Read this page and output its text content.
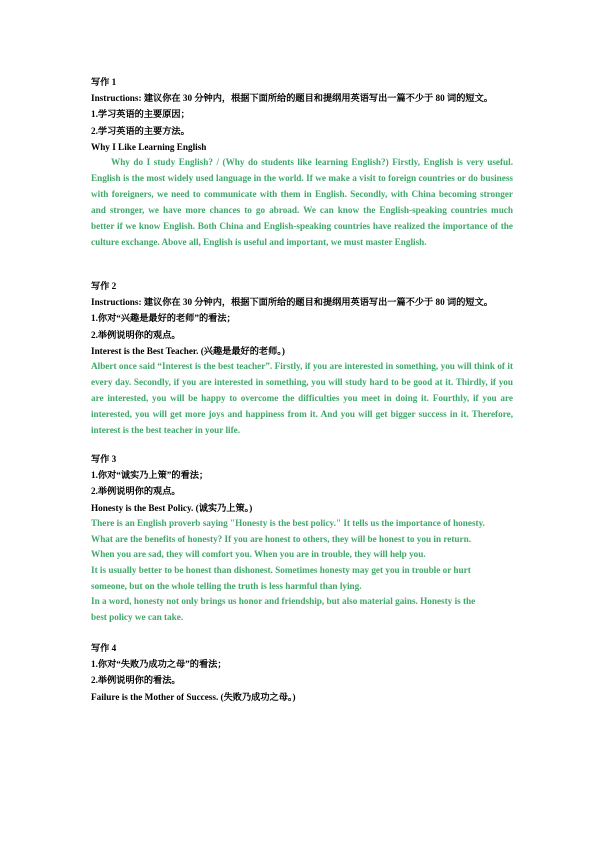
写作 1
Instructions: 建议你在 30 分钟内，根据下面所给的题目和提纲用英语写出一篇不少于 80 词的短文。
1.学习英语的主要原因；
2.学习英语的主要方法。
Why I Like Learning English
Why do I study English? / (Why do students like learning English?) Firstly, English is very useful. English is the most widely used language in the world. If we make a visit to foreign countries or do business with foreigners, we need to communicate with them in English. Secondly, with China becoming stronger and stronger, we have more chances to go abroad. We can know the English-speaking countries much better if we know English. Both China and English-speaking countries have realized the importance of the culture exchange. Above all, English is useful and important, we must master English.
写作 2
Instructions: 建议你在 30 分钟内，根据下面所给的题目和提纲用英语写出一篇不少于 80 词的短文。
1.你对“兴趣是最好的老师”的看法；
2.举例说明你的观点。
Interest is the Best Teacher. (兴趣是最好的老师。)
Albert once said “Interest is the best teacher”. Firstly, if you are interested in something, you will think of it every day. Secondly, if you are interested in something, you will study hard to be good at it. Thirdly, if you are interested, you will be happy to overcome the difficulties you meet in doing it. Fourthly, if you are interested, you will get more joys and happiness from it. And you will get bigger success in it. Therefore, interest is the best teacher in your life.
写作 3
1.你对“诚实乃上策”的看法；
2.举例说明你的观点。
Honesty is the Best Policy. (诚实乃上策。)
There is an English proverb saying "Honesty is the best policy." It tells us the importance of honesty.
What are the benefits of honesty? If you are honest to others, they will be honest to you in return.
When you are sad, they will comfort you. When you are in trouble, they will help you.
It is usually better to be honest than dishonest. Sometimes honesty may get you in trouble or hurt
someone, but on the whole telling the truth is less harmful than lying.
In a word, honesty not only brings us honor and friendship, but also material gains. Honesty is the
best policy we can take.
写作 4
1.你对“失败乃成功之母”的看法；
2.举例说明你的看法。
Failure is the Mother of Success. (失败乃成功之母。)
